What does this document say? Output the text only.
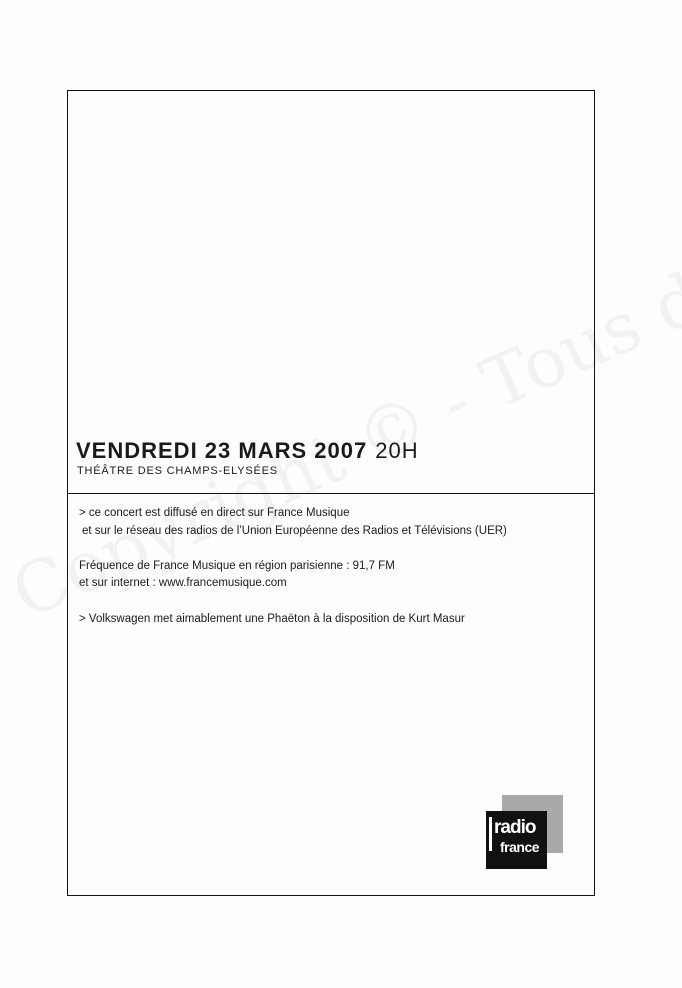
VENDREDI 23 MARS 2007 20H
THÉÂTRE DES CHAMPS-ELYSÉES
> ce concert est diffusé en direct sur France Musique
et sur le réseau des radios de l’Union Européenne des Radios et Télévisions (UER)
Fréquence de France Musique en région parisienne : 91,7 FM
et sur internet : www.francemusique.com
> Volkswagen met aimablement une Phaëton à la disposition de Kurt Masur
radio
france
